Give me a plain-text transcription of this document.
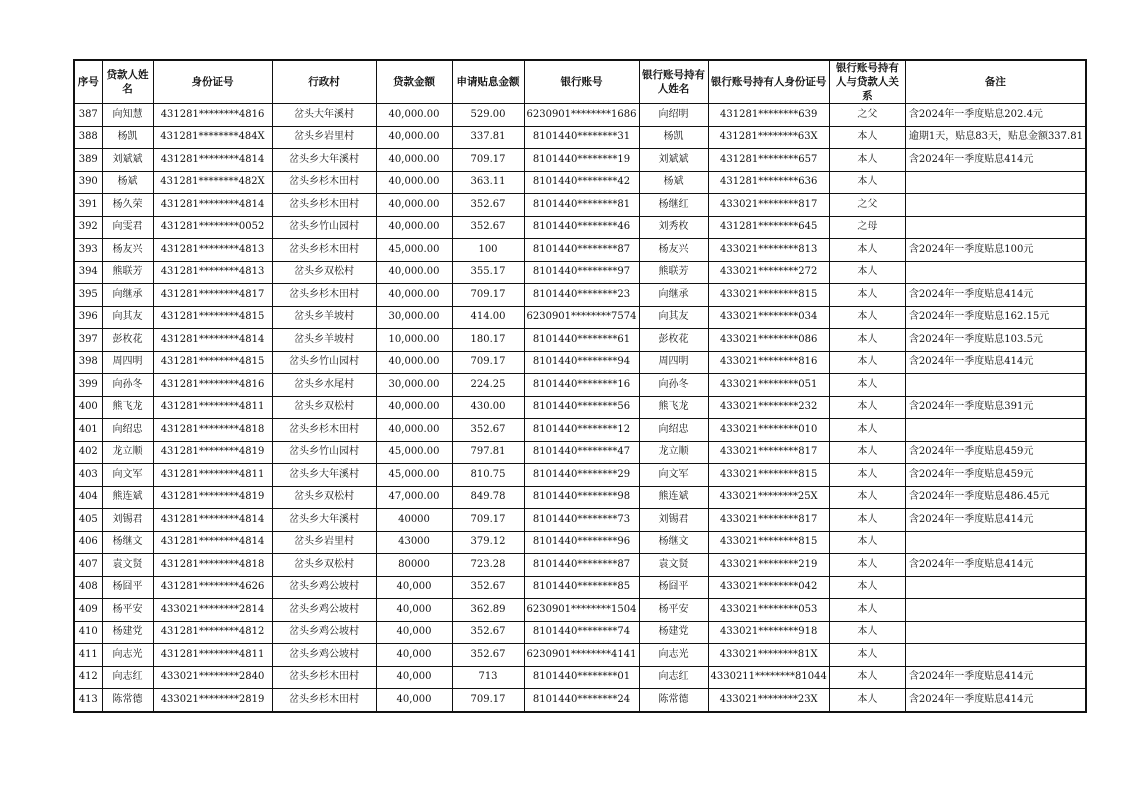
序号	贷款人姓名	身份证号	行政村	贷款金额	申请贴息金额	银行账号	银行账号持有人姓名	银行账号持有人身份证号	银行账号持有人与贷款人关系	备注
387	向知慧	431281********4816	岔头大年溪村	40,000.00	529.00	6230901********1686	向绍明	431281********639	之父	含2024年一季度贴息202.4元
388	杨凯	431281********484X	岔头乡岩里村	40,000.00	337.81	8101440********31	杨凯	431281********63X	本人	逾期1天，贴息83天，贴息金额337.81
389	刘斌斌	431281********4814	岔头乡大年溪村	40,000.00	709.17	8101440********19	刘斌斌	431281********657	本人	含2024年一季度贴息414元
390	杨斌	431281********482X	岔头乡杉木田村	40,000.00	363.11	8101440********42	杨斌	431281********636	本人	
391	杨久荣	431281********4814	岔头乡杉木田村	40,000.00	352.67	8101440********81	杨继红	433021********817	之父	
392	向雯君	431281********0052	岔头乡竹山园村	40,000.00	352.67	8101440********46	刘秀枚	431281********645	之母	
393	杨友兴	431281********4813	岔头乡杉木田村	45,000.00	100	8101440********87	杨友兴	433021********813	本人	含2024年一季度贴息100元
394	熊联芳	431281********4813	岔头乡双松村	40,000.00	355.17	8101440********97	熊联芳	433021********272	本人	
395	向继承	431281********4817	岔头乡杉木田村	40,000.00	709.17	8101440********23	向继承	433021********815	本人	含2024年一季度贴息414元
396	向其友	431281********4815	岔头乡羊坡村	30,000.00	414.00	6230901********7574	向其友	433021********034	本人	含2024年一季度贴息162.15元
397	彭枚花	431281********4814	岔头乡羊坡村	10,000.00	180.17	8101440********61	彭枚花	433021********086	本人	含2024年一季度贴息103.5元
398	周四明	431281********4815	岔头乡竹山园村	40,000.00	709.17	8101440********94	周四明	433021********816	本人	含2024年一季度贴息414元
399	向孙冬	431281********4816	岔头乡水尾村	30,000.00	224.25	8101440********16	向孙冬	433021********051	本人	
400	熊飞龙	431281********4811	岔头乡双松村	40,000.00	430.00	8101440********56	熊飞龙	433021********232	本人	含2024年一季度贴息391元
401	向绍忠	431281********4818	岔头乡杉木田村	40,000.00	352.67	8101440********12	向绍忠	433021********010	本人	
402	龙立顺	431281********4819	岔头乡竹山园村	45,000.00	797.81	8101440********47	龙立顺	433021********817	本人	含2024年一季度贴息459元
403	向文军	431281********4811	岔头乡大年溪村	45,000.00	810.75	8101440********29	向文军	433021********815	本人	含2024年一季度贴息459元
404	熊连斌	431281********4819	岔头乡双松村	47,000.00	849.78	8101440********98	熊连斌	433021********25X	本人	含2024年一季度贴息486.45元
405	刘锡君	431281********4814	岔头乡大年溪村	40000	709.17	8101440********73	刘锡君	433021********817	本人	含2024年一季度贴息414元
406	杨继文	431281********4814	岔头乡岩里村	43000	379.12	8101440********96	杨继文	433021********815	本人	
407	袁文贤	431281********4818	岔头乡双松村	80000	723.28	8101440********87	袁文贤	433021********219	本人	含2024年一季度贴息414元
408	杨囧平	431281********4626	岔头乡鸡公坡村	40,000	352.67	8101440********85	杨囧平	433021********042	本人	
409	杨平安	433021********2814	岔头乡鸡公坡村	40,000	362.89	6230901********1504	杨平安	433021********053	本人	
410	杨建党	431281********4812	岔头乡鸡公坡村	40,000	352.67	8101440********74	杨建党	433021********918	本人	
411	向志光	431281********4811	岔头乡鸡公坡村	40,000	352.67	6230901********4141	向志光	433021********81X	本人	
412	向志红	433021********2840	岔头乡杉木田村	40,000	713	8101440********01	向志红	4330211********81044	本人	含2024年一季度贴息414元
413	陈常德	433021********2819	岔头乡杉木田村	40,000	709.17	8101440********24	陈常德	433021********23X	本人	含2024年一季度贴息414元
